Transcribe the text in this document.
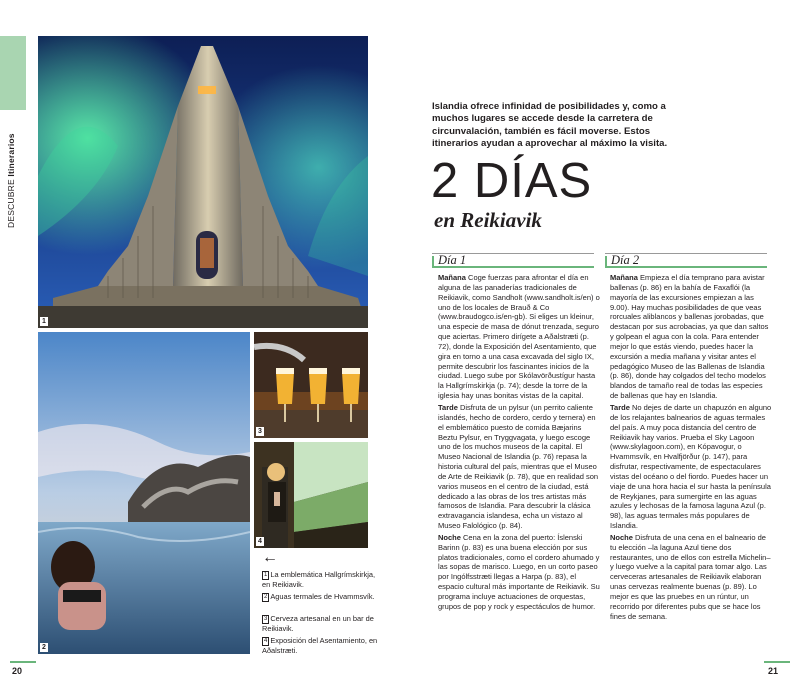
DESCUBRE Itinerarios
1
2
3
4
←
1 La emblemática Hallgrímskirkja, en Reikiavik.
2 Aguas termales de Hvammsvík.
3 Cerveza artesanal en un bar de Reikiavik.
4 Exposición del Asentamiento, en Aðalstræti.
Islandia ofrece infinidad de posibilidades y, como a muchos lugares se accede desde la carretera de circunvalación, también es fácil moverse. Estos itinerarios ayudan a aprovechar al máximo la visita.
2 DÍAS
en Reikiavik
Día 1	Día 2

Mañana Coge fuerzas para afrontar el día en alguna de las panaderías tradicionales de Reikiavik, como Sandholt (www.sandholt.is/en) o uno de los locales de Brauð & Co (www.braudogco.is/en-gb). Si eliges un kleinur, una especie de masa de dónut trenzada, seguro que aciertas. Primero dirígete a Aðalstræti (p. 72), donde la Exposición del Asentamiento, que gira en torno a una casa excavada del siglo IX, permite descubrir los fascinantes inicios de la ciudad. Luego sube por Skólavörðustígur hasta la Hallgrímskirkja (p. 74); desde la torre de la iglesia hay unas bonitas vistas de la capital.

Tarde Disfruta de un pylsur (un perrito caliente islandés, hecho de cordero, cerdo y ternera) en el emblemático puesto de comida Bæjarins Beztu Pylsur, en Tryggvagata, y luego escoge uno de los muchos museos de la capital. El Museo Nacional de Islandia (p. 76) repasa la historia cultural del país, mientras que el Museo de Arte de Reikiavik (p. 78), que en realidad son varios museos en el centro de la ciudad, está dedicado a las obras de los tres artistas más famosos de Islandia. Para descubrir la clásica extravagancia islandesa, echa un vistazo al Museo Falológico (p. 84).

Noche Cena en la zona del puerto: Íslenski Barinn (p. 83) es una buena elección por sus platos tradicionales, como el cordero ahumado y las sopas de marisco. Luego, en un corto paseo por Ingólfsstræti llegas a Harpa (p. 83), el espacio cultural más importante de Reikiavik. Su programa incluye actuaciones de orquestas, grupos de pop y rock y espectáculos de humor.

Mañana Empieza el día temprano para avistar ballenas (p. 86) en la bahía de Faxaflói (la mayoría de las excursiones empiezan a las 9.00). Hay muchas posibilidades de que veas rorcuales aliblancos y ballenas jorobadas, que destacan por sus acrobacias, ya que dan saltos y golpean el agua con la cola. Para entender mejor lo que estás viendo, puedes hacer la excursión a media mañana y visitar antes el pedagógico Museo de las Ballenas de Islandia (p. 86), donde hay colgados del techo modelos blandos de tamaño real de todas las especies de ballenas que hay en Islandia.

Tarde No dejes de darte un chapuzón en alguno de los relajantes balnearios de aguas termales del país. A muy poca distancia del centro de Reikiavik hay varios. Prueba el Sky Lagoon (www.skylagoon.com), en Kópavogur, o Hvammsvík, en Hvalfjörður (p. 147), para disfrutar, respectivamente, de espectaculares vistas del océano o del fiordo. Puedes hacer un viaje de una hora hacia el sur hasta la península de Reykjanes, para sumergirte en las aguas azules y lechosas de la famosa laguna Azul (p. 98), las aguas termales más populares de Islandia.

Noche Disfruta de una cena en el balneario de tu elección –la laguna Azul tiene dos restaurantes, uno de ellos con estrella Michelin– y luego vuelve a la capital para tomar algo. Las cerveceras artesanales de Reikiavik elaboran unas cervezas realmente buenas (p. 89). Lo mejor es que las pruebes en un rúntur, un recorrido por diferentes pubs que se hace los fines de semana.

20	21
